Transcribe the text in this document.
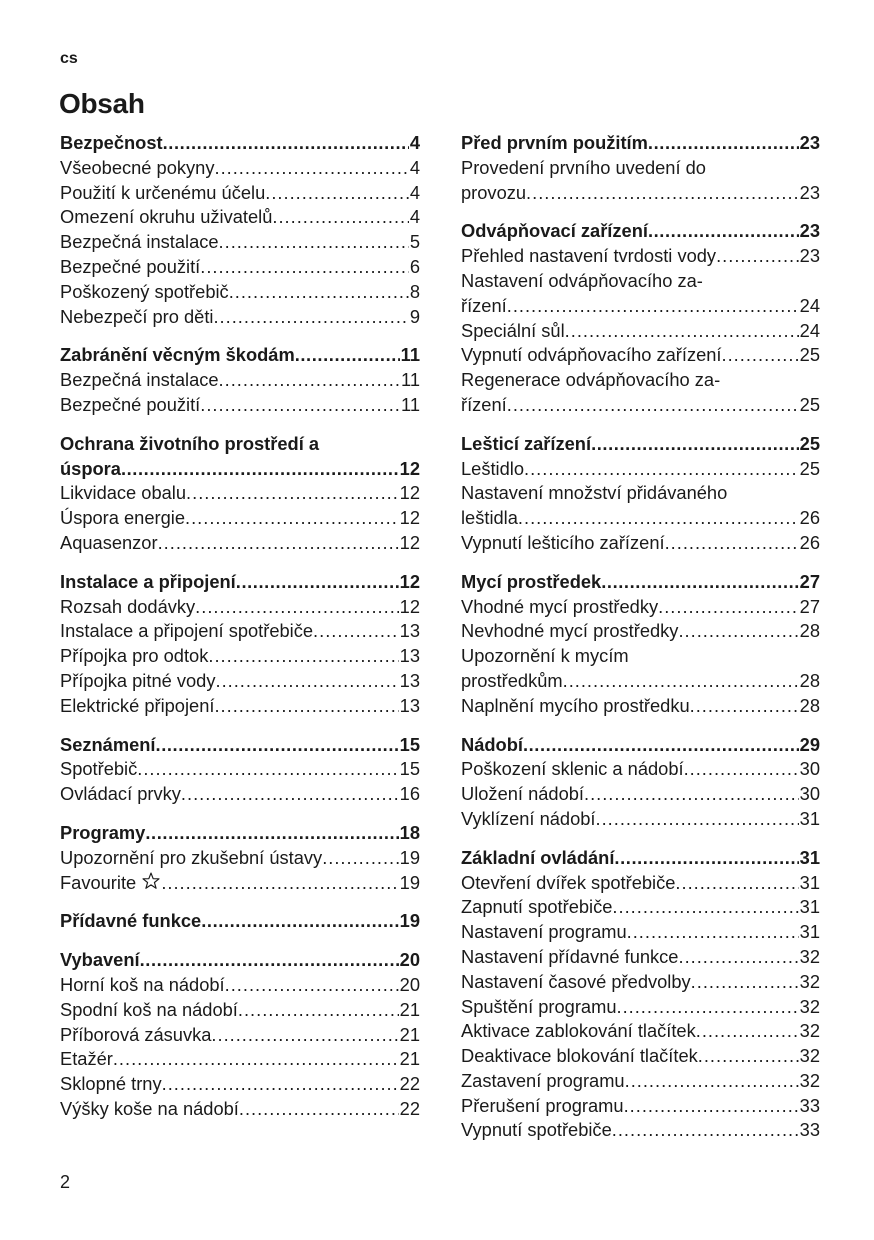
cs
Obsah
Bezpečnost .....	4
Všeobecné pokyny .....	4
Použití k určenému účelu .....	4
Omezení okruhu uživatelů .....	4
Bezpečná instalace .....	5
Bezpečné použití .....	6
Poškozený spotřebič .....	8
Nebezpečí pro děti .....	9
Zabránění věcným škodám .....	11
Bezpečná instalace .....	11
Bezpečné použití .....	11
Ochrana životního prostředí a
úspora .....	12
Likvidace obalu .....	12
Úspora energie .....	12
Aquasenzor .....	12
Instalace a připojení .....	12
Rozsah dodávky .....	12
Instalace a připojení spotřebiče .....	13
Přípojka pro odtok .....	13
Přípojka pitné vody .....	13
Elektrické připojení .....	13
Seznámení .....	15
Spotřebič .....	15
Ovládací prvky .....	16
Programy .....	18
Upozornění pro zkušební ústavy .....	19
Favourite .....	19
Přídavné funkce .....	19
Vybavení .....	20
Horní koš na nádobí .....	20
Spodní koš na nádobí .....	21
Příborová zásuvka .....	21
Etažér .....	21
Sklopné trny .....	22
Výšky koše na nádobí .....	22
Před prvním použitím .....	23
Provedení prvního uvedení do
provozu .....	23
Odvápňovací zařízení .....	23
Přehled nastavení tvrdosti vody .....	23
Nastavení odvápňovacího za-
řízení .....	24
Speciální sůl .....	24
Vypnutí odvápňovacího zařízení .....	25
Regenerace odvápňovacího za-
řízení .....	25
Lešticí zařízení .....	25
Leštidlo .....	25
Nastavení množství přidávaného
leštidla .....	26
Vypnutí lešticího zařízení .....	26
Mycí prostředek .....	27
Vhodné mycí prostředky .....	27
Nevhodné mycí prostředky .....	28
Upozornění k mycím
prostředkům .....	28
Naplnění mycího prostředku .....	28
Nádobí .....	29
Poškození sklenic a nádobí .....	30
Uložení nádobí .....	30
Vyklízení nádobí .....	31
Základní ovládání .....	31
Otevření dvířek spotřebiče .....	31
Zapnutí spotřebiče .....	31
Nastavení programu .....	31
Nastavení přídavné funkce .....	32
Nastavení časové předvolby .....	32
Spuštění programu .....	32
Aktivace zablokování tlačítek .....	32
Deaktivace blokování tlačítek .....	32
Zastavení programu .....	32
Přerušení programu .....	33
Vypnutí spotřebiče .....	33
2
